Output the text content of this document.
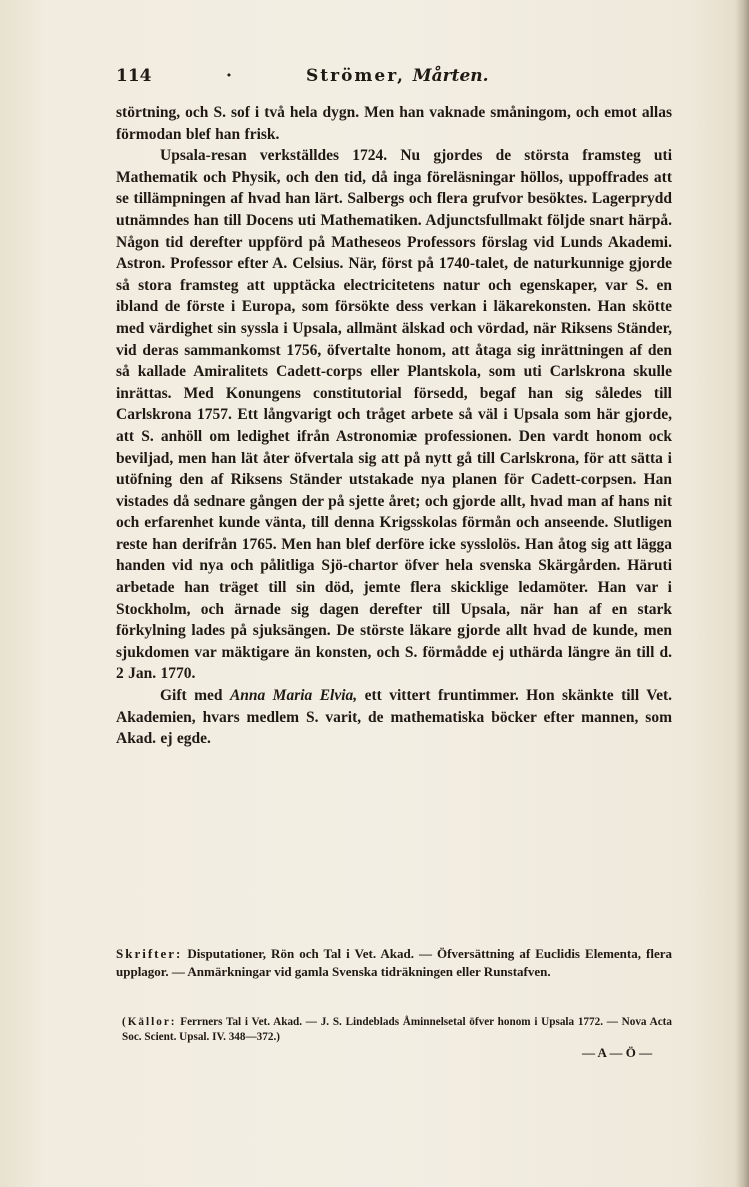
114	·	Strömer, Mårten.

störtning, och S. sof i två hela dygn. Men han vaknade småningom, och emot allas förmodan blef han frisk.

Upsala-resan verkställdes 1724. Nu gjordes de största framsteg uti Mathematik och Physik, och den tid, då inga föreläsningar höllos, uppoffrades att se tillämpningen af hvad han lärt. Salbergs och flera grufvor besöktes. Lagerprydd utnämndes han till Docens uti Mathematiken. Adjunctsfullmakt följde snart härpå. Någon tid derefter uppförd på Matheseos Professors förslag vid Lunds Akademi. Astron. Professor efter A. Celsius. När, först på 1740-talet, de naturkunnige gjorde så stora framsteg att upptäcka electricitetens natur och egenskaper, var S. en ibland de förste i Europa, som försökte dess verkan i läkarekonsten. Han skötte med värdighet sin syssla i Upsala, allmänt älskad och vördad, när Riksens Ständer, vid deras sammankomst 1756, öfvertalte honom, att åtaga sig inrättningen af den så kallade Amiralitets Cadett-corps eller Plantskola, som uti Carlskrona skulle inrättas. Med Konungens constitutorial försedd, begaf han sig således till Carlskrona 1757. Ett långvarigt och tråget arbete så väl i Upsala som här gjorde, att S. anhöll om ledighet ifrån Astronomiæ professionen. Den vardt honom ock beviljad, men han lät åter öfvertala sig att på nytt gå till Carlskrona, för att sätta i utöfning den af Riksens Ständer utstakade nya planen för Cadett-corpsen. Han vistades då sednare gången der på sjette året; och gjorde allt, hvad man af hans nit och erfarenhet kunde vänta, till denna Krigsskolas förmån och anseende. Slutligen reste han derifrån 1765. Men han blef derföre icke sysslolös. Han åtog sig att lägga handen vid nya och pålitliga Sjö-chartor öfver hela svenska Skärgården. Häruti arbetade han träget till sin död, jemte flera skicklige ledamöter. Han var i Stockholm, och ärnade sig dagen derefter till Upsala, när han af en stark förkylning lades på sjuksängen. De störste läkare gjorde allt hvad de kunde, men sjukdomen var mäktigare än konsten, och S. förmådde ej uthärda längre än till d. 2 Jan. 1770.

Gift med Anna Maria Elvia, ett vittert fruntimmer. Hon skänkte till Vet. Akademien, hvars medlem S. varit, de mathematiska böcker efter mannen, som Akad. ej egde.

Skrifter: Disputationer, Rön och Tal i Vet. Akad. — Öfversättning af Euclidis Elementa, flera upplagor. — Anmärkningar vid gamla Svenska tidräkningen eller Runstafven.
(Källor: Ferrners Tal i Vet. Akad. — J. S. Lindeblads Åminnelsetal öfver honom i Upsala 1772. — Nova Acta Soc. Scient. Upsal. IV. 348—372.)
— A — Ö —
